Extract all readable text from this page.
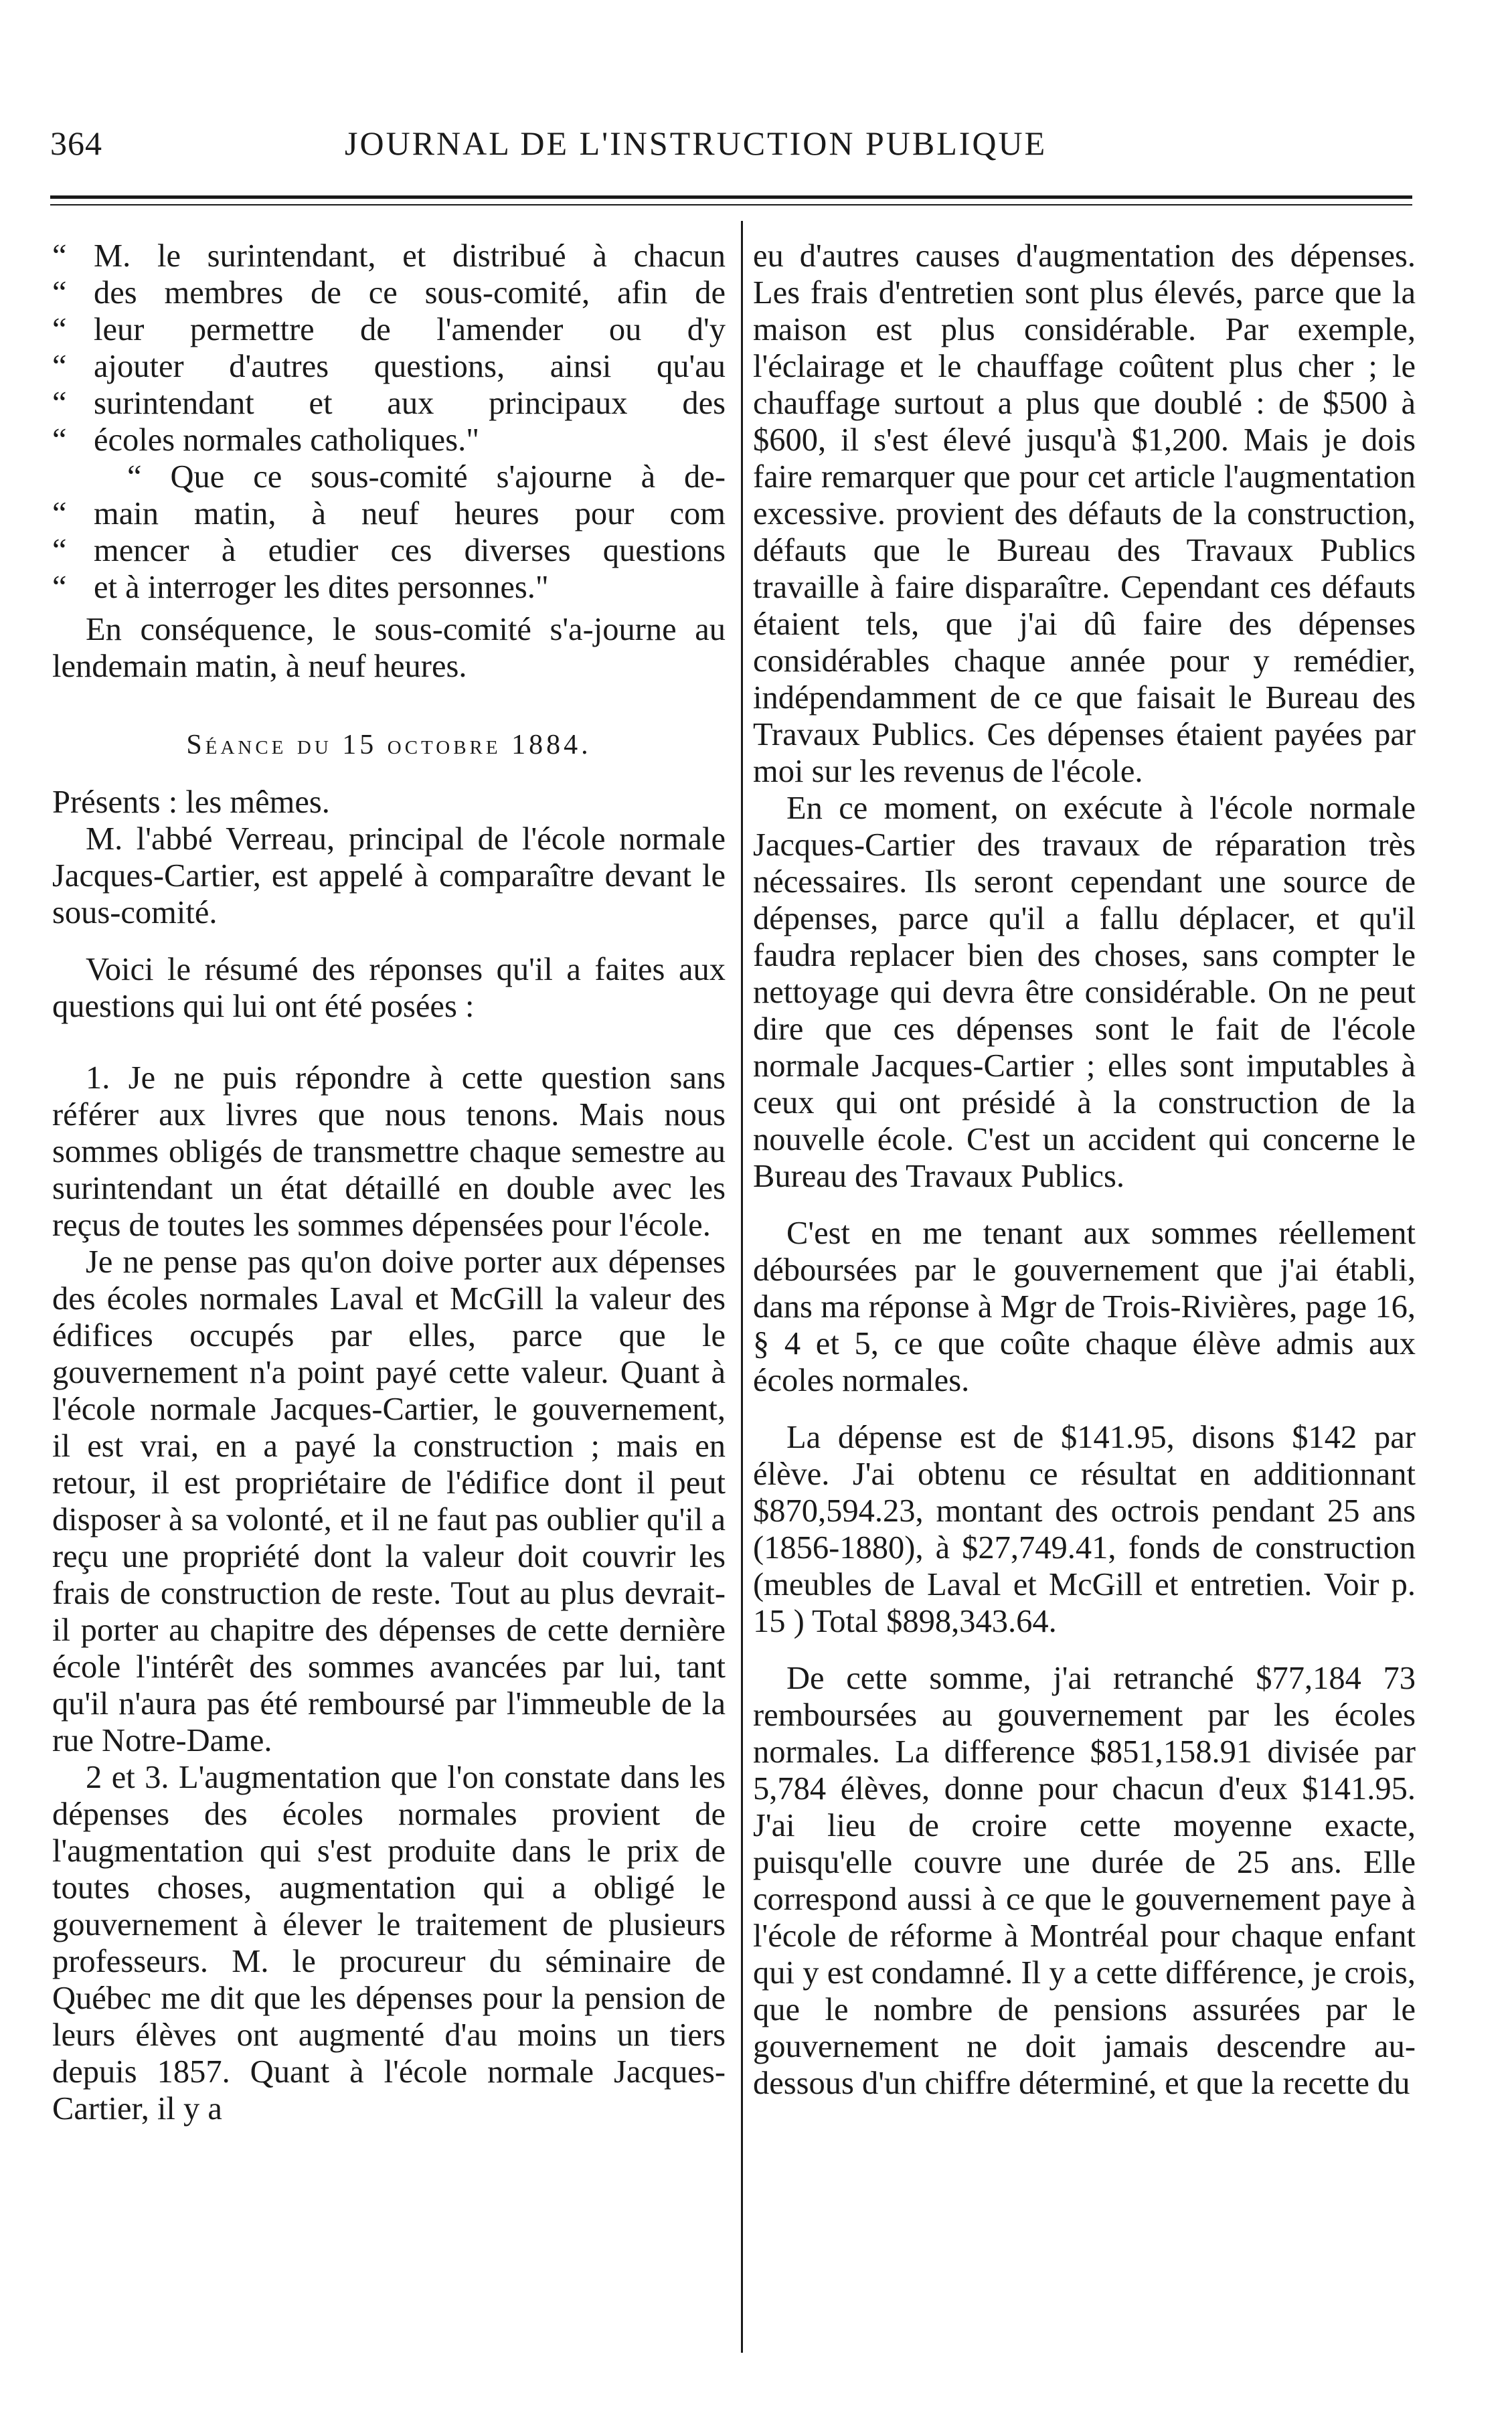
364	JOURNAL DE L'INSTRUCTION PUBLIQUE
“ M. le surintendant, et distribué à chacun
“ des membres de ce sous-comité, afin de
“ leur permettre de l'amender ou d'y
“ ajouter d'autres questions, ainsi qu'au
“ surintendant et aux principaux des
“ écoles normales catholiques."
“ Que ce sous-comité s'ajourne à de-
“ main matin, à neuf heures pour com
“ mencer à etudier ces diverses questions
“ et à interroger les dites personnes."

En conséquence, le sous-comité s'a-journe au lendemain matin, à neuf heures.

Séance du 15 octobre 1884.

Présents : les mêmes.

M. l'abbé Verreau, principal de l'école normale Jacques-Cartier, est appelé à comparaître devant le sous-comité.

Voici le résumé des réponses qu'il a faites aux questions qui lui ont été posées :

1. Je ne puis répondre à cette question sans référer aux livres que nous tenons. Mais nous sommes obligés de transmettre chaque semestre au surintendant un état détaillé en double avec les reçus de toutes les sommes dépensées pour l'école.

Je ne pense pas qu'on doive porter aux dépenses des écoles normales Laval et McGill la valeur des édifices occupés par elles, parce que le gouvernement n'a point payé cette valeur. Quant à l'école normale Jacques-Cartier, le gouvernement, il est vrai, en a payé la construction ; mais en retour, il est propriétaire de l'édifice dont il peut disposer à sa volonté, et il ne faut pas oublier qu'il a reçu une propriété dont la valeur doit couvrir les frais de construction de reste. Tout au plus devrait-il porter au chapitre des dépenses de cette dernière école l'intérêt des sommes avancées par lui, tant qu'il n'aura pas été remboursé par l'immeuble de la rue Notre-Dame.

2 et 3. L'augmentation que l'on constate dans les dépenses des écoles normales provient de l'augmentation qui s'est produite dans le prix de toutes choses, augmentation qui a obligé le gouvernement à élever le traitement de plusieurs professeurs. M. le procureur du séminaire de Québec me dit que les dépenses pour la pension de leurs élèves ont augmenté d'au moins un tiers depuis 1857. Quant à l'école normale Jacques-Cartier, il y a

eu d'autres causes d'augmentation des dépenses. Les frais d'entretien sont plus élevés, parce que la maison est plus considérable. Par exemple, l'éclairage et le chauffage coûtent plus cher ; le chauffage surtout a plus que doublé : de $500 à $600, il s'est élevé jusqu'à $1,200. Mais je dois faire remarquer que pour cet article l'augmentation excessive. provient des défauts de la construction, défauts que le Bureau des Travaux Publics travaille à faire disparaître. Cependant ces défauts étaient tels, que j'ai dû faire des dépenses considérables chaque année pour y remédier, indépendamment de ce que faisait le Bureau des Travaux Publics. Ces dépenses étaient payées par moi sur les revenus de l'école.

En ce moment, on exécute à l'école normale Jacques-Cartier des travaux de réparation très nécessaires. Ils seront cependant une source de dépenses, parce qu'il a fallu déplacer, et qu'il faudra replacer bien des choses, sans compter le nettoyage qui devra être considérable. On ne peut dire que ces dépenses sont le fait de l'école normale Jacques-Cartier ; elles sont imputables à ceux qui ont présidé à la construction de la nouvelle école. C'est un accident qui concerne le Bureau des Travaux Publics.

C'est en me tenant aux sommes réellement déboursées par le gouvernement que j'ai établi, dans ma réponse à Mgr de Trois-Rivières, page 16, § 4 et 5, ce que coûte chaque élève admis aux écoles normales.

La dépense est de $141.95, disons $142 par élève. J'ai obtenu ce résultat en additionnant $870,594.23, montant des octrois pendant 25 ans (1856-1880), à $27,749.41, fonds de construction (meubles de Laval et McGill et entretien. Voir p. 15 ) Total $898,343.64.

De cette somme, j'ai retranché $77,184 73 remboursées au gouvernement par les écoles normales. La difference $851,158.91 divisée par 5,784 élèves, donne pour chacun d'eux $141.95. J'ai lieu de croire cette moyenne exacte, puisqu'elle couvre une durée de 25 ans. Elle correspond aussi à ce que le gouvernement paye à l'école de réforme à Montréal pour chaque enfant qui y est condamné. Il y a cette différence, je crois, que le nombre de pensions assurées par le gouvernement ne doit jamais descendre au-dessous d'un chiffre déterminé, et que la recette du
